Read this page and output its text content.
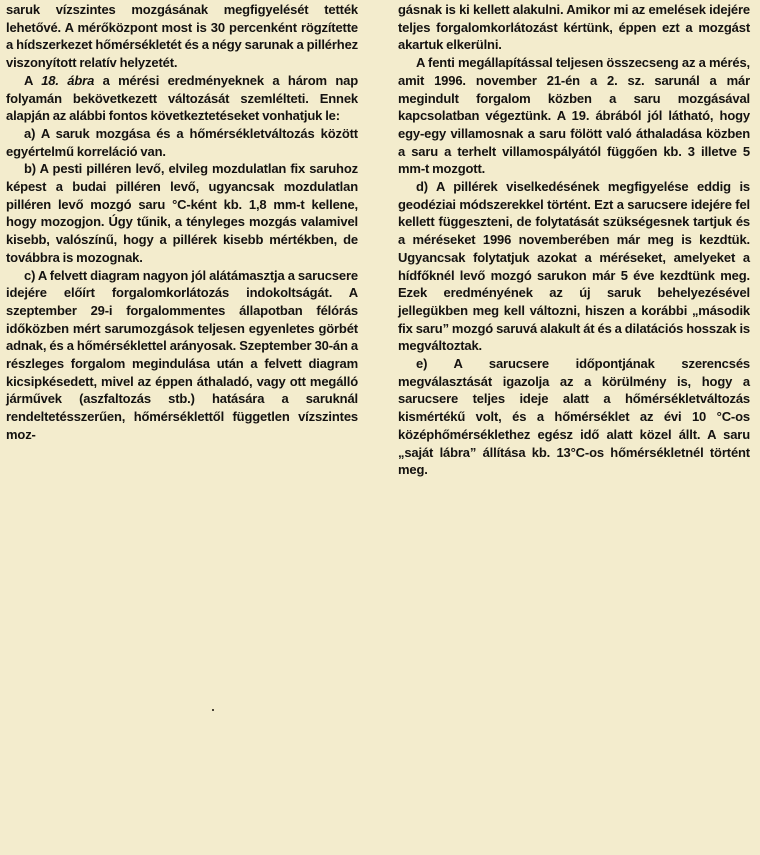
saruk vízszintes mozgásának megfigyelését tették lehetővé. A mérőközpont most is 30 percenként rögzítette a hídszerkezet hőmérsékletét és a négy sarunak a pillérhez viszonyított relatív helyzetét.

A 18. ábra a mérési eredményeknek a három nap folyamán bekövetkezett változását szemlélteti. Ennek alapján az alábbi fontos következtetéseket vonhatjuk le:

a) A saruk mozgása és a hőmérsékletváltozás között egyértelmű korreláció van.

b) A pesti pilléren levő, elvileg mozdulatlan fix saruhoz képest a budai pilléren levő, ugyancsak mozdulatlan pilléren levő mozgó saru °C-ként kb. 1,8 mm-t kellene, hogy mozogjon. Úgy tűnik, a tényleges mozgás valamivel kisebb, valószínű, hogy a pillérek kisebb mértékben, de továbbra is mozognak.

c) A felvett diagram nagyon jól alátámasztja a sarucsere idejére előírt forgalomkorlátozás indokoltságát. A szeptember 29-i forgalommentes állapotban félórás időközben mért sarumozgások teljesen egyenletes görbét adnak, és a hőmérséklettel arányosak. Szeptember 30-án a részleges forgalom megindulása után a felvett diagram kicsipkésedett, mivel az éppen áthaladó, vagy ott megálló járművek (aszfaltozás stb.) hatására a saruknál rendeltetésszerűen, hőmérséklettől független vízszintes moz-

gásnak is ki kellett alakulni. Amikor mi az emelések idejére teljes forgalomkorlátozást kértünk, éppen ezt a mozgást akartuk elkerülni.

A fenti megállapítással teljesen összecseng az a mérés, amit 1996. november 21-én a 2. sz. sarunál a már megindult forgalom közben a saru mozgásával kapcsolatban végeztünk. A 19. ábrából jól látható, hogy egy-egy villamosnak a saru fölött való áthaladása közben a saru a terhelt villamospályától függően kb. 3 illetve 5 mm-t mozgott.

d) A pillérek viselkedésének megfigyelése eddig is geodéziai módszerekkel történt. Ezt a sarucsere idejére fel kellett függeszteni, de folytatását szükségesnek tartjuk és a méréseket 1996 novemberében már meg is kezdtük. Ugyancsak folytatjuk azokat a méréseket, amelyeket a hídfőknél levő mozgó sarukon már 5 éve kezdtünk meg. Ezek eredményének az új saruk behelyezésével jellegükben meg kell változni, hiszen a korábbi „második fix saru” mozgó saruvá alakult át és a dilatációs hosszak is megváltoztak.

e) A sarucsere időpontjának szerencsés megválasztását igazolja az a körülmény is, hogy a sarucsere teljes ideje alatt a hőmérsékletváltozás kismértékű volt, és a hőmérséklet az évi 10 °C-os középhőmérséklethez egész idő alatt közel állt. A saru „saját lábra” állítása kb. 13°C-os hőmérsékletnél történt meg.
